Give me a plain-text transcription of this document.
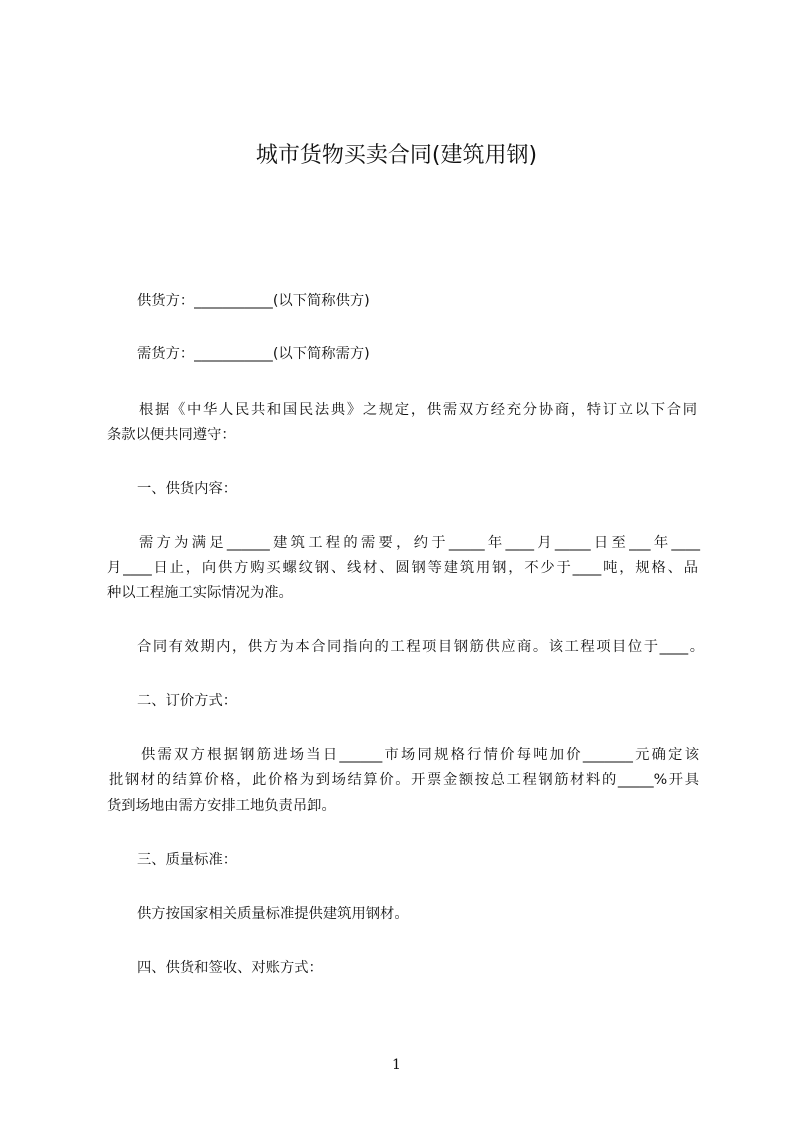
城市货物买卖合同(建筑用钢)
供货方：___________(以下简称供方)
需货方：___________(以下简称需方)
根据《中华人民共和国民法典》之规定，供需双方经充分协商，特订立以下合同
条款以便共同遵守：
一、供货内容：
需方为满足______建筑工程的需要，约于_____年____月_____日至___年____
月____日止，向供方购买螺纹钢、线材、圆钢等建筑用钢，不少于____吨，规格、品
种以工程施工实际情况为准。
合同有效期内，供方为本合同指向的工程项目钢筋供应商。该工程项目位于____。
二、订价方式：
供需双方根据钢筋进场当日______市场同规格行情价每吨加价_______元确定该
批钢材的结算价格，此价格为到场结算价。开票金额按总工程钢筋材料的_____%开具
货到场地由需方安排工地负责吊卸。
三、质量标准：
供方按国家相关质量标准提供建筑用钢材。
四、供货和签收、对账方式：
1
